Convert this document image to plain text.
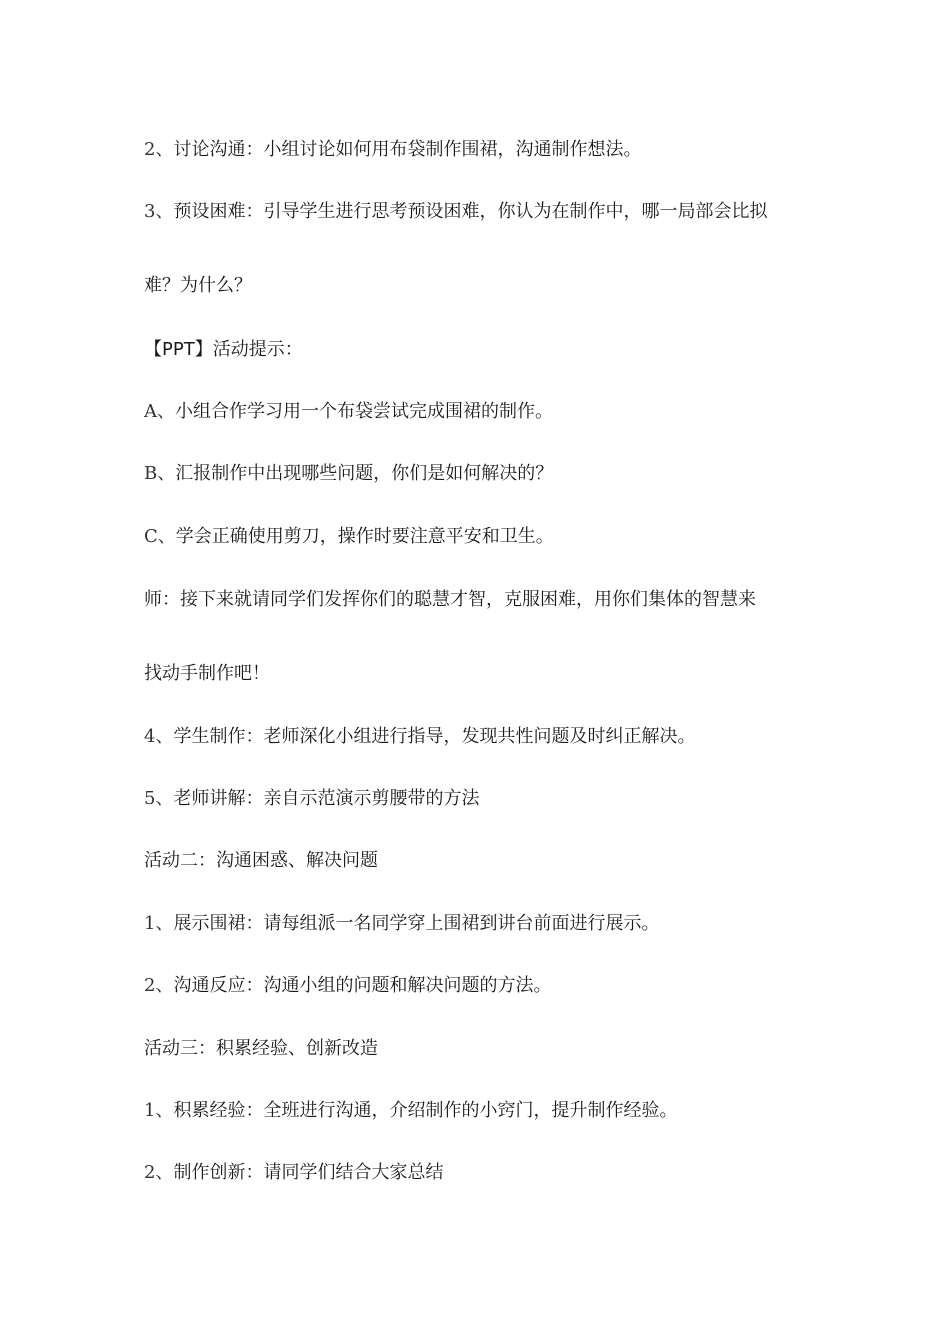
2、讨论沟通：小组讨论如何用布袋制作围裙，沟通制作想法。

3、预设困难：引导学生进行思考预设困难，你认为在制作中，哪一局部会比拟

难？为什么？

【PPT】活动提示：

A、小组合作学习用一个布袋尝试完成围裙的制作。

B、汇报制作中出现哪些问题，你们是如何解决的？

C、学会正确使用剪刀，操作时要注意平安和卫生。

师：接下来就请同学们发挥你们的聪慧才智，克服困难，用你们集体的智慧来

找动手制作吧！

4、学生制作：老师深化小组进行指导，发现共性问题及时纠正解决。

5、老师讲解：亲自示范演示剪腰带的方法

活动二：沟通困惑、解决问题

1、展示围裙：请每组派一名同学穿上围裙到讲台前面进行展示。

2、沟通反应：沟通小组的问题和解决问题的方法。

活动三：积累经验、创新改造

1、积累经验：全班进行沟通，介绍制作的小窍门，提升制作经验。

2、制作创新：请同学们结合大家总结
